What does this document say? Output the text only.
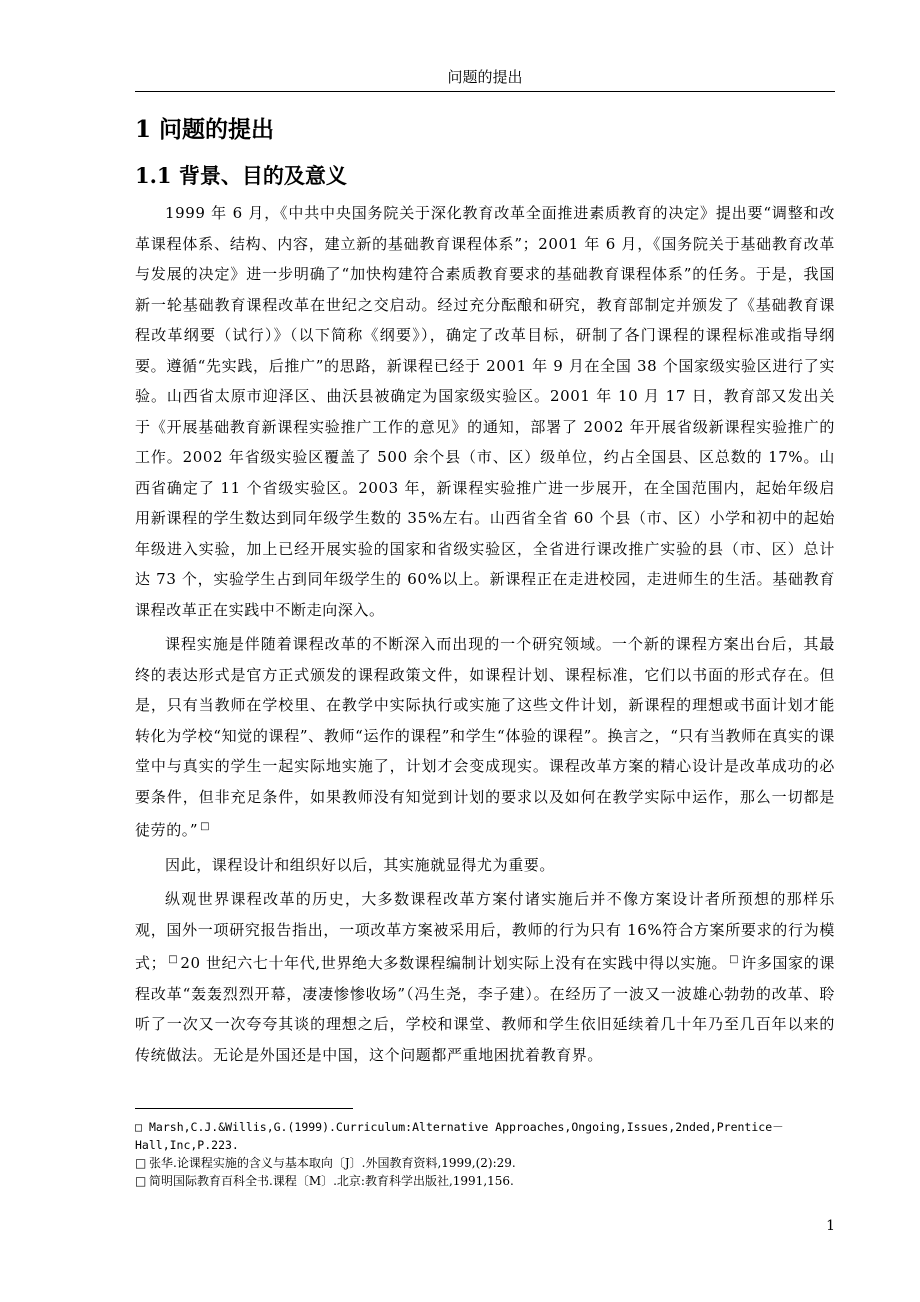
问题的提出
1 问题的提出
1.1 背景、目的及意义

1999 年 6 月，《中共中央国务院关于深化教育改革全面推进素质教育的决定》提出要“调整和改革课程体系、结构、内容，建立新的基础教育课程体系”；2001 年 6 月，《国务院关于基础教育改革与发展的决定》进一步明确了“加快构建符合素质教育要求的基础教育课程体系”的任务。于是，我国新一轮基础教育课程改革在世纪之交启动。经过充分酝酿和研究，教育部制定并颁发了《基础教育课程改革纲要（试行）》（以下简称《纲要》），确定了改革目标，研制了各门课程的课程标准或指导纲要。遵循“先实践，后推广”的思路，新课程已经于 2001 年 9 月在全国 38 个国家级实验区进行了实验。山西省太原市迎泽区、曲沃县被确定为国家级实验区。2001 年 10 月 17 日，教育部又发出关于《开展基础教育新课程实验推广工作的意见》的通知，部署了 2002 年开展省级新课程实验推广的工作。2002 年省级实验区覆盖了 500 余个县（市、区）级单位，约占全国县、区总数的 17%。山西省确定了 11 个省级实验区。2003 年，新课程实验推广进一步展开，在全国范围内，起始年级启用新课程的学生数达到同年级学生数的 35%左右。山西省全省 60 个县（市、区）小学和初中的起始年级进入实验，加上已经开展实验的国家和省级实验区，全省进行课改推广实验的县（市、区）总计达 73 个，实验学生占到同年级学生的 60%以上。新课程正在走进校园，走进师生的生活。基础教育课程改革正在实践中不断走向深入。

课程实施是伴随着课程改革的不断深入而出现的一个研究领域。一个新的课程方案出台后，其最终的表达形式是官方正式颁发的课程政策文件，如课程计划、课程标准，它们以书面的形式存在。但是，只有当教师在学校里、在教学中实际执行或实施了这些文件计划，新课程的理想或书面计划才能转化为学校“知觉的课程”、教师“运作的课程”和学生“体验的课程”。换言之，“只有当教师在真实的课堂中与真实的学生一起实际地实施了，计划才会变成现实。课程改革方案的精心设计是改革成功的必要条件，但非充足条件，如果教师没有知觉到计划的要求以及如何在教学实际中运作，那么一切都是徒劳的。” □

因此，课程设计和组织好以后，其实施就显得尤为重要。

纵观世界课程改革的历史，大多数课程改革方案付诸实施后并不像方案设计者所预想的那样乐观，国外一项研究报告指出，一项改革方案被采用后，教师的行为只有 16%符合方案所要求的行为模式； □ 20 世纪六七十年代,世界绝大多数课程编制计划实际上没有在实践中得以实施。 □ 许多国家的课程改革“轰轰烈烈开幕，凄凄惨惨收场”（冯生尧，李子建）。在经历了一波又一波雄心勃勃的改革、聆听了一次又一次夸夸其谈的理想之后，学校和课堂、教师和学生依旧延续着几十年乃至几百年以来的传统做法。无论是外国还是中国，这个问题都严重地困扰着教育界。

□ Marsh,C.J.&Willis,G.(1999).Curriculum:Alternative Approaches,Ongoing,Issues,2nded,Prentice－Hall,Inc,P.223.
□ 张华.论课程实施的含义与基本取向〔J〕.外国教育资料,1999,(2):29.
□ 简明国际教育百科全书.课程〔M〕.北京:教育科学出版社,1991,156.
1
